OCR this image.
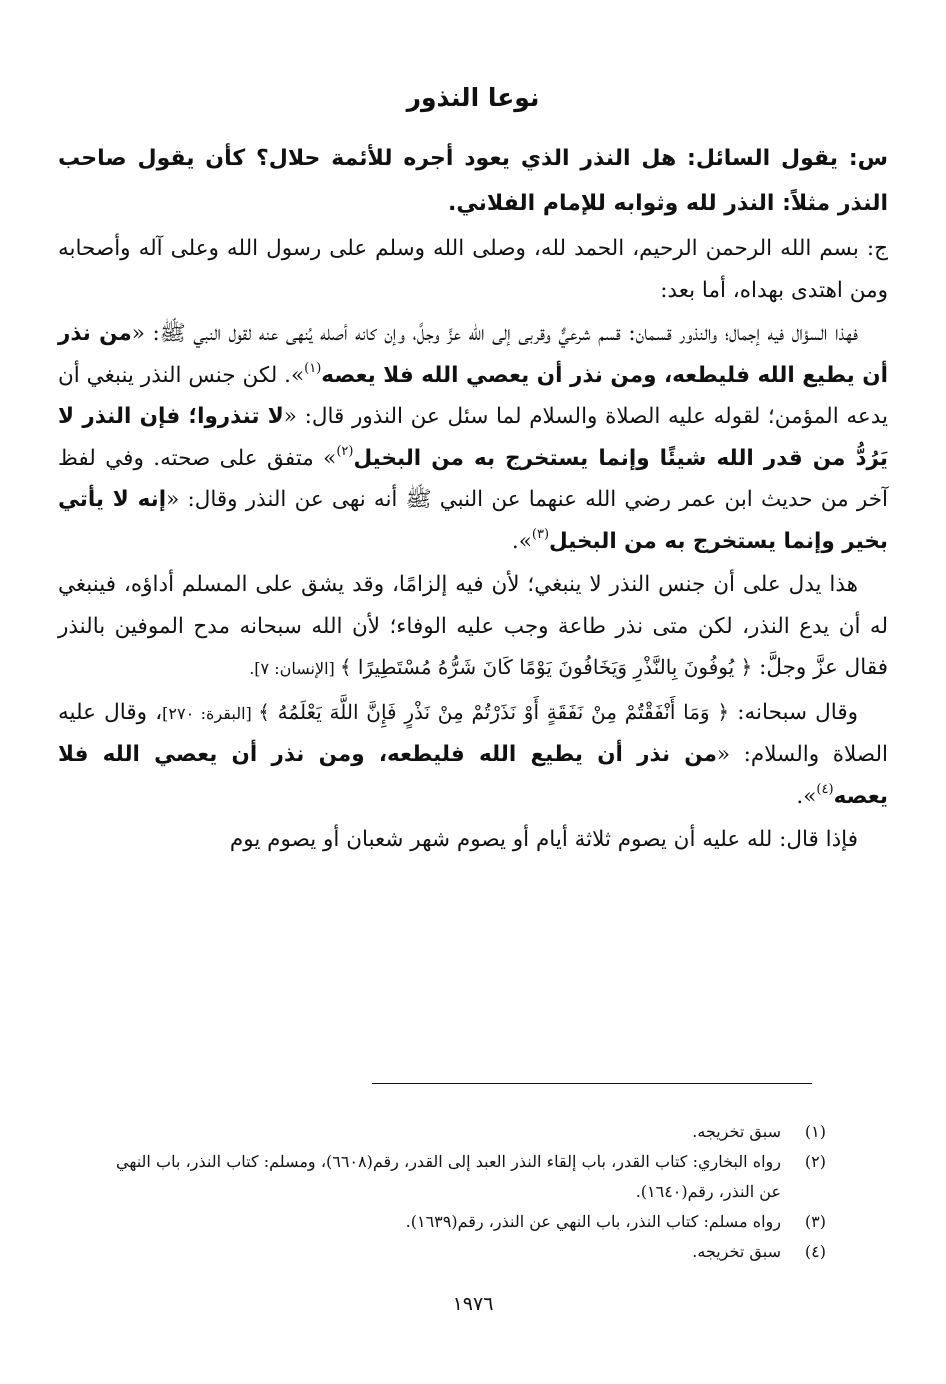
نوعا النذور

س: يقول السائل: هل النذر الذي يعود أجره للأئمة حلال؟ كأن يقول صاحب النذر مثلاً: النذر لله وثوابه للإمام الفلاني.

ج: بسم الله الرحمن الرحيم، الحمد لله، وصلى الله وسلم على رسول الله وعلى آله وأصحابه ومن اهتدى بهداه، أما بعد:

فهذا السؤال فيه إجمال؛ والنذور قسمان: قسم شرعيٌّ وقربى إلى الله عزَّ وجلَّ، وإن كانه أصله يُنهى عنه لقول النبي ﷺ: «من نذر أن يطيع الله فليطعه، ومن نذر أن يعصي الله فلا يعصه$^{(١)}$». لكن جنس النذر ينبغي أن يدعه المؤمن؛ لقوله عليه الصلاة والسلام لما سئل عن النذور قال: «لا تنذروا؛ فإن النذر لا يَرُدُّ من قدر الله شيئًا وإنما يستخرج به من البخيل$^{(٢)}$» متفق على صحته. وفي لفظ آخر من حديث ابن عمر رضي الله عنهما عن النبي ﷺ أنه نهى عن النذر وقال: «إنه لا يأتي بخير وإنما يستخرج به من البخيل$^{(٣)}$».

هذا يدل على أن جنس النذر لا ينبغي؛ لأن فيه إلزامًا، وقد يشق على المسلم أداؤه، فينبغي له أن يدع النذر، لكن متى نذر طاعة وجب عليه الوفاء؛ لأن الله سبحانه مدح الموفين بالنذر فقال عزَّ وجلَّ: ﴿ يُوفُونَ بِالنَّذْرِ وَيَخَافُونَ يَوْمًا كَانَ شَرُّهُ مُسْتَطِيرًا ﴾ [الإنسان: ٧].

وقال سبحانه: ﴿ وَمَا أَنْفَقْتُمْ مِنْ نَفَقَةٍ أَوْ نَذَرْتُمْ مِنْ نَذْرٍ فَإِنَّ اللَّهَ يَعْلَمُهُ ﴾ [البقرة: ٢٧٠]، وقال عليه الصلاة والسلام: «من نذر أن يطيع الله فليطعه، ومن نذر أن يعصي الله فلا يعصه$^{(٤)}$».

فإذا قال: لله عليه أن يصوم ثلاثة أيام أو يصوم شهر شعبان أو يصوم يوم

(١)
سبق تخريجه.
(٢)
رواه البخاري: كتاب القدر، باب إلقاء النذر العبد إلى القدر، رقم(٦٦٠٨)، ومسلم: كتاب النذر، باب النهي عن النذر، رقم(١٦٤٠).
(٣)
رواه مسلم: كتاب النذر، باب النهي عن النذر، رقم(١٦٣٩).
(٤)
سبق تخريجه.
١٩٧٦
